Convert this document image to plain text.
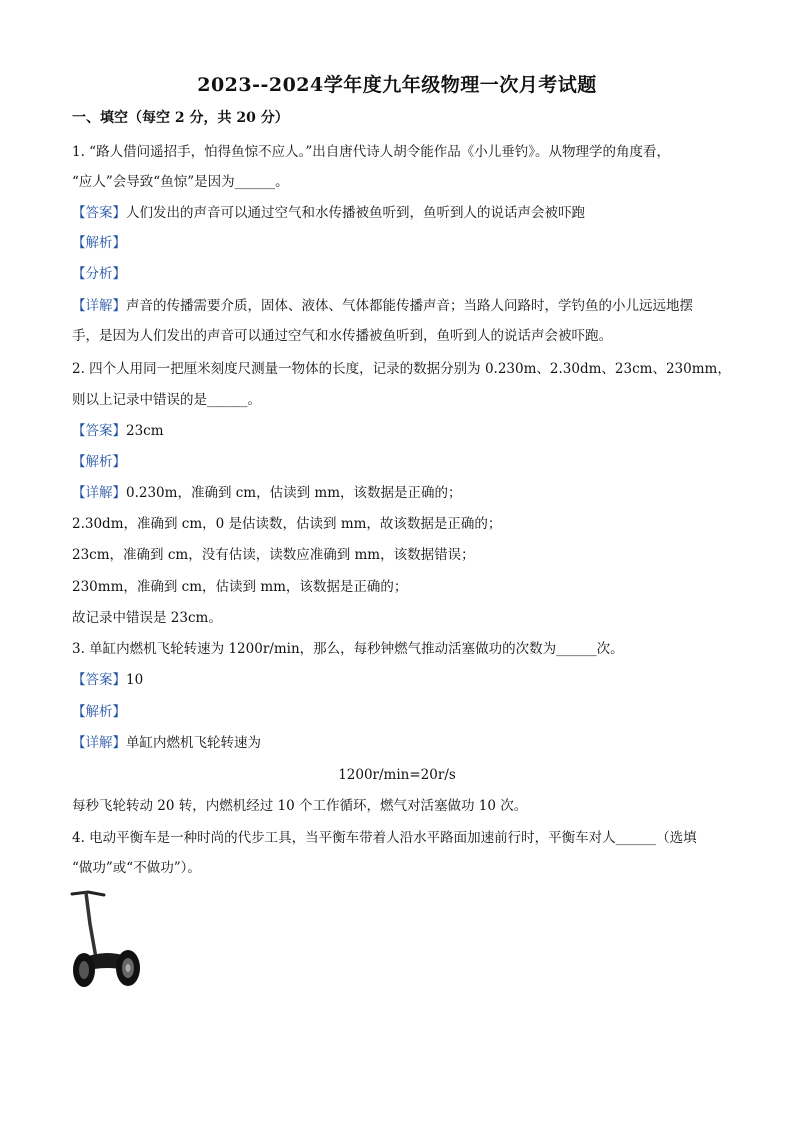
2023--2024学年度九年级物理一次月考试题
一、填空（每空 2 分，共 20 分）
1. “路人借问遥招手，怕得鱼惊不应人。”出自唐代诗人胡令能作品《小儿垂钓》。从物理学的角度看，
“应人”会导致“鱼惊”是因为______。
【答案】人们发出的声音可以通过空气和水传播被鱼听到，鱼听到人的说话声会被吓跑
【解析】
【分析】
【详解】声音的传播需要介质，固体、液体、气体都能传播声音；当路人问路时，学钓鱼的小儿远远地摆
手，是因为人们发出的声音可以通过空气和水传播被鱼听到，鱼听到人的说话声会被吓跑。
2. 四个人用同一把厘米刻度尺测量一物体的长度，记录的数据分别为 0.230m、2.30dm、23cm、230mm，
则以上记录中错误的是______。
【答案】23cm
【解析】
【详解】0.230m，准确到 cm，估读到 mm，该数据是正确的；
2.30dm，准确到 cm，0 是估读数，估读到 mm，故该数据是正确的；
23cm，准确到 cm，没有估读，读数应准确到 mm，该数据错误；
230mm，准确到 cm，估读到 mm，该数据是正确的；
故记录中错误是 23cm。
3. 单缸内燃机飞轮转速为 1200r/min，那么，每秒钟燃气推动活塞做功的次数为______次。
【答案】10
【解析】
【详解】单缸内燃机飞轮转速为
1200r/min=20r/s
每秒飞轮转动 20 转，内燃机经过 10 个工作循环，燃气对活塞做功 10 次。
4. 电动平衡车是一种时尚的代步工具，当平衡车带着人沿水平路面加速前行时，平衡车对人______（选填
“做功”或“不做功”）。
